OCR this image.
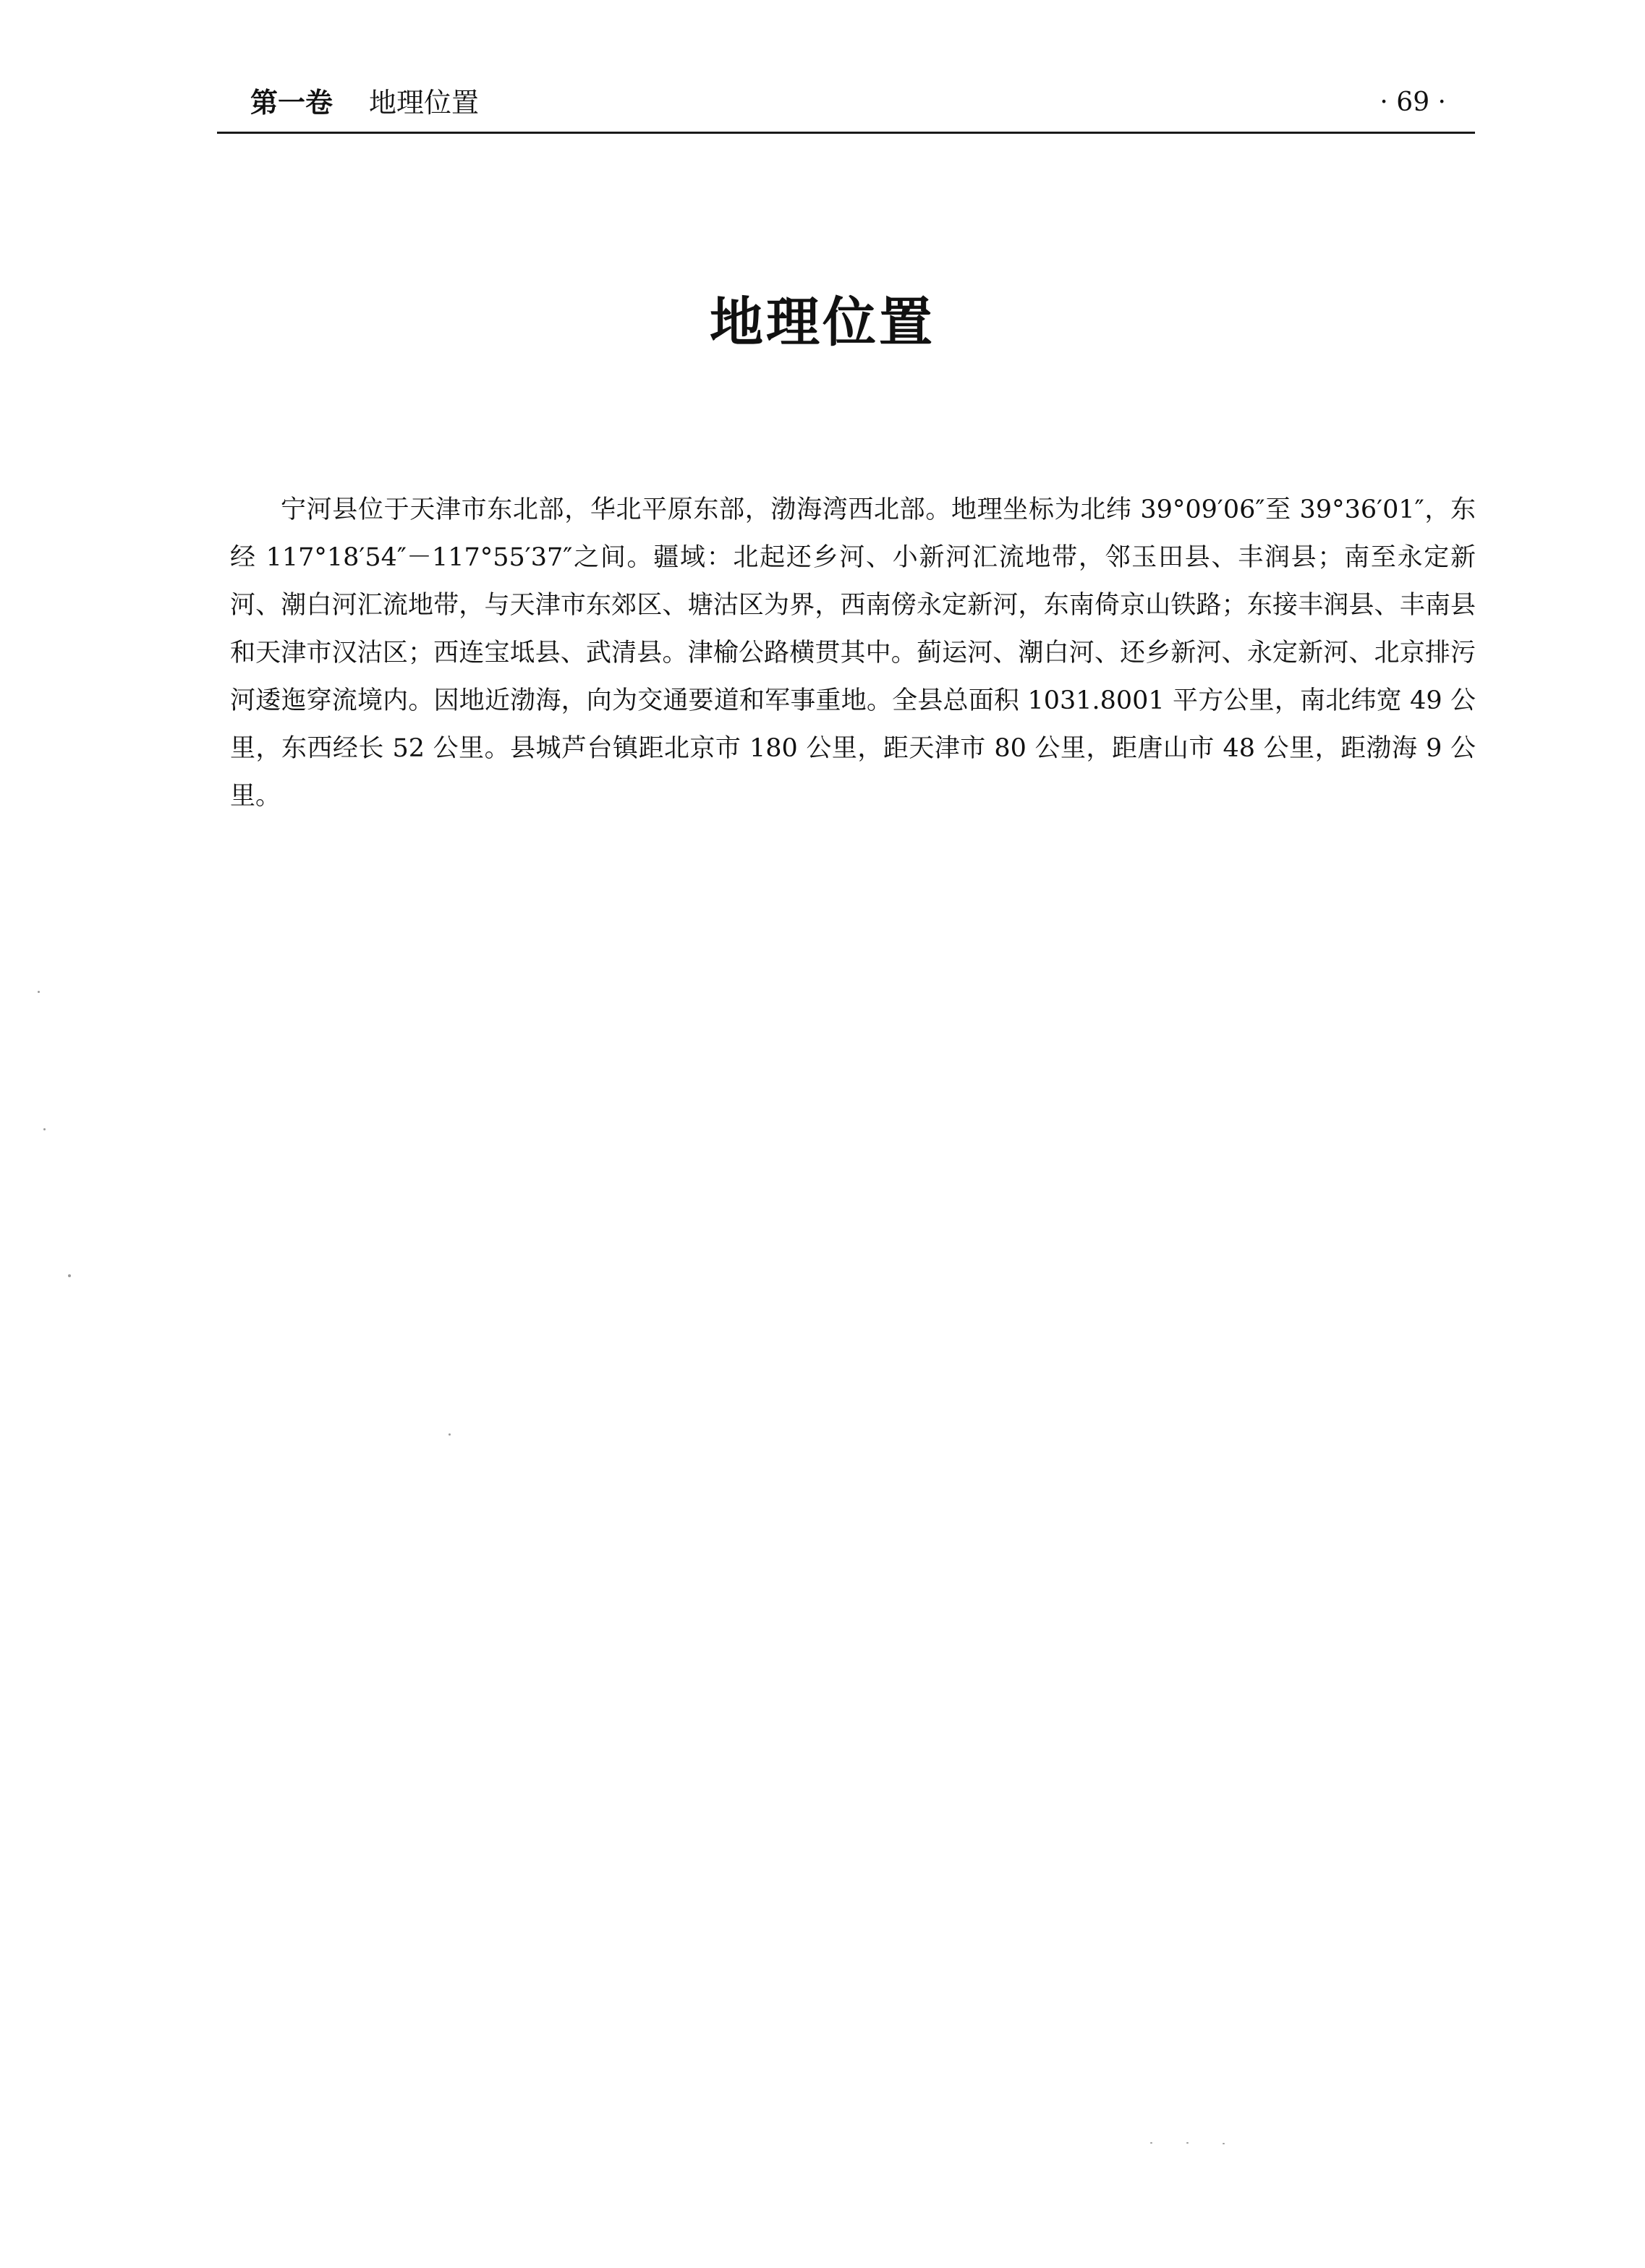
第一卷 地理位置	· 69 ·
地理位置

宁河县位于天津市东北部，华北平原东部，渤海湾西北部。地理坐标为北纬 39°09′06″至 39°36′01″，东经 117°18′54″－117°55′37″之间。疆域：北起还乡河、小新河汇流地带，邻玉田县、丰润县；南至永定新河、潮白河汇流地带，与天津市东郊区、塘沽区为界，西南傍永定新河，东南倚京山铁路；东接丰润县、丰南县和天津市汉沽区；西连宝坻县、武清县。津榆公路横贯其中。蓟运河、潮白河、还乡新河、永定新河、北京排污河逶迤穿流境内。因地近渤海，向为交通要道和军事重地。全县总面积 1031.8001 平方公里，南北纬宽 49 公里，东西经长 52 公里。县城芦台镇距北京市 180 公里，距天津市 80 公里，距唐山市 48 公里，距渤海 9 公里。
